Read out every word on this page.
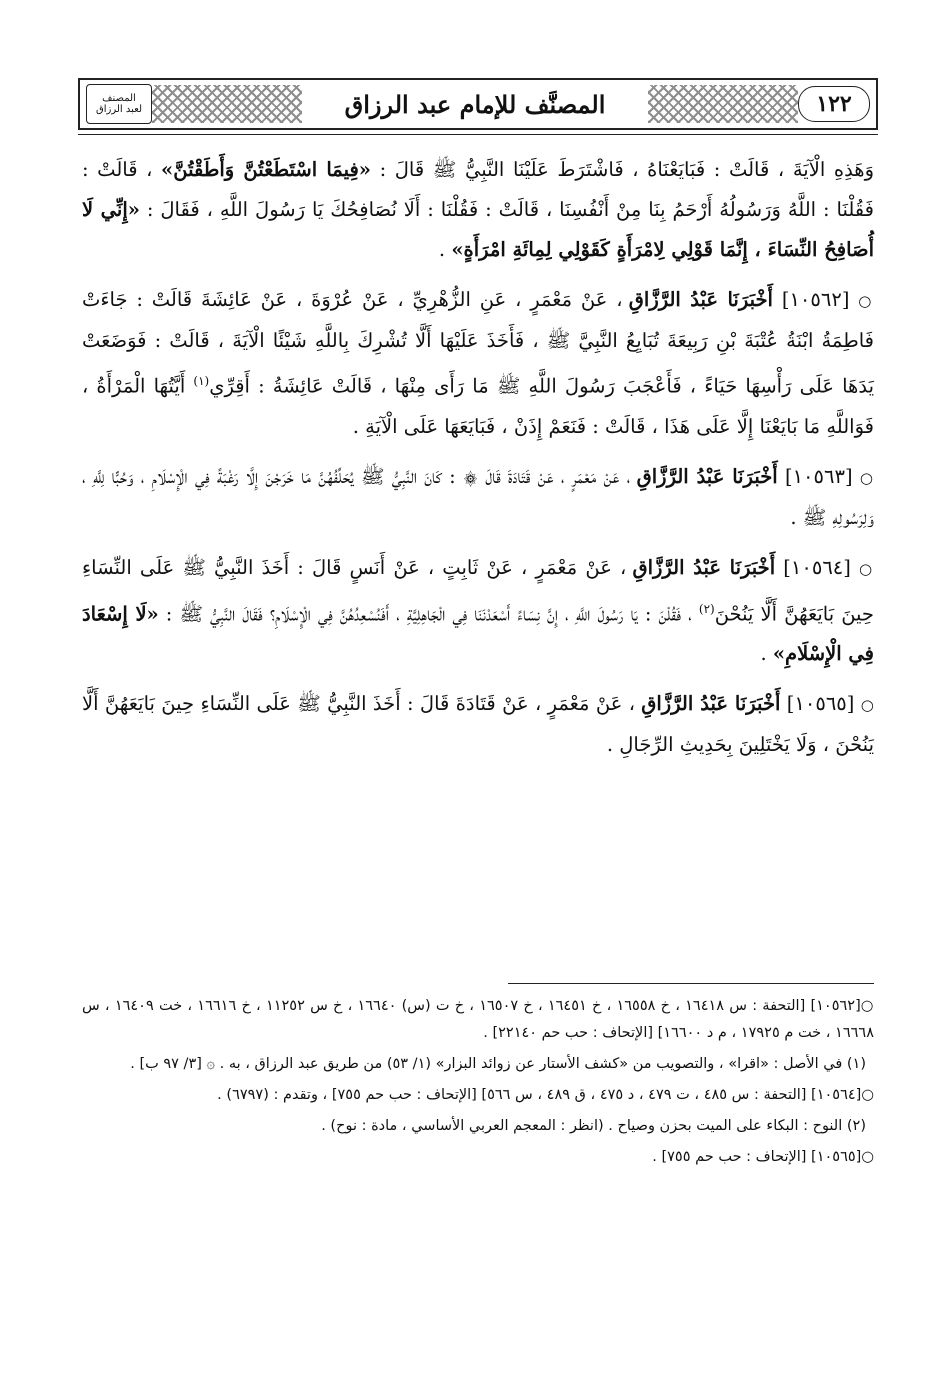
١٢٢
المصنَّف للإمام عبد الرزاق
المصنف
لعبد الرزاق

وَهَذِهِ الْآيَةَ ، قَالَتْ : فَبَايَعْنَاهُ ، فَاشْتَرَطَ عَلَيْنَا النَّبِيُّ ﷺ قَالَ : «فِيمَا اسْتَطَعْتُنَّ وَأَطَقْتُنَّ» ، قَالَتْ : فَقُلْنَا : اللَّهُ وَرَسُولُهُ أَرْحَمُ بِنَا مِنْ أَنْفُسِنَا ، قَالَتْ : فَقُلْنَا : أَلَا نُصَافِحُكَ يَا رَسُولَ اللَّهِ ، فَقَالَ : «إِنِّي لَا أُصَافِحُ النِّسَاءَ ، إِنَّمَا قَوْلِي لِامْرَأَةٍ كَقَوْلِي لِمِائَةِ امْرَأَةٍ» .

○ [١٠٥٦٢] أَخْبَرَنَا عَبْدُ الرَّزَّاقِ ، عَنْ مَعْمَرٍ ، عَنِ الزُّهْرِيِّ ، عَنْ عُرْوَةَ ، عَنْ عَائِشَةَ قَالَتْ : جَاءَتْ فَاطِمَةُ ابْنَةُ عُتْبَةَ بْنِ رَبِيعَةَ تُبَايِعُ النَّبِيَّ ﷺ ، فَأَخَذَ عَلَيْهَا أَلَّا تُشْرِكَ بِاللَّهِ شَيْئًا الْآيَةَ ، قَالَتْ : فَوَضَعَتْ يَدَهَا عَلَى رَأْسِهَا حَيَاءً ، فَأَعْجَبَ رَسُولَ اللَّهِ ﷺ مَا رَأَى مِنْهَا ، قَالَتْ عَائِشَةُ : أَقِرِّي$^{(١)}$ أَيَّتُهَا الْمَرْأَةُ ، فَوَاللَّهِ مَا بَايَعْنَا إِلَّا عَلَى هَذَا ، قَالَتْ : فَنَعَمْ إِذَنْ ، فَبَايَعَهَا عَلَى الْآيَةِ .

○ [١٠٥٦٣] أَخْبَرَنَا عَبْدُ الرَّزَّاقِ ، عَنْ مَعْمَرٍ ، عَنْ قَتَادَةَ قَالَ ۞ : كَانَ النَّبِيُّ ﷺ يُحَلِّفُهُنَّ مَا خَرَجْنَ إِلَّا رَغْبَةً فِي الْإِسْلَامِ ، وَحُبًّا لِلَّهِ ، وَلِرَسُولِهِ ﷺ .

○ [١٠٥٦٤] أَخْبَرَنَا عَبْدُ الرَّزَّاقِ ، عَنْ مَعْمَرٍ ، عَنْ ثَابِتٍ ، عَنْ أَنَسٍ قَالَ : أَخَذَ النَّبِيُّ ﷺ عَلَى النِّسَاءِ حِينَ بَايَعَهُنَّ أَلَّا يَنُحْنَ$^{(٢)}$ ، فَقُلْنَ : يَا رَسُولَ اللَّهِ ، إِنَّ نِسَاءً أَسْعَدْنَنَا فِي الْجَاهِلِيَّةِ ، أَفَنُسْعِدُهُنَّ فِي الْإِسْلَامِ؟ فَقَالَ النَّبِيُّ ﷺ : «لَا إِسْعَادَ فِي الْإِسْلَامِ» .

○ [١٠٥٦٥] أَخْبَرَنَا عَبْدُ الرَّزَّاقِ ، عَنْ مَعْمَرٍ ، عَنْ قَتَادَةَ قَالَ : أَخَذَ النَّبِيُّ ﷺ عَلَى النِّسَاءِ حِينَ بَايَعَهُنَّ أَلَّا يَنُحْنَ ، وَلَا يَخْتَلِينَ بِحَدِيثِ الرِّجَالِ .

○[١٠٥٦٢] [التحفة : س ١٦٤١٨ ، خ ١٦٥٥٨ ، خ ١٦٤٥١ ، خ ١٦٥٠٧ ، خ ت (س) ١٦٦٤٠ ، خ س ١١٢٥٢ ، خ ١٦٦١٦ ، خت ١٦٤٠٩ ، س ١٦٦٦٨ ، خت م ١٧٩٢٥ ، م د ١٦٦٠٠] [الإتحاف : حب حم ٢٢١٤٠] .

(١) في الأصل : «اقرا» ، والتصويب من «كشف الأستار عن زوائد البزار» (١/ ٥٣) من طريق عبد الرزاق ، به . ۞ [٣/ ٩٧ ب] .

○[١٠٥٦٤] [التحفة : س ٤٨٥ ، ت ٤٧٩ ، د ٤٧٥ ، ق ٤٨٩ ، س ٥٦٦] [الإتحاف : حب حم ٧٥٥] ، وتقدم : (٦٧٩٧) .

(٢) النوح : البكاء على الميت بحزن وصياح . (انظر : المعجم العربي الأساسي ، مادة : نوح) .

○[١٠٥٦٥] [الإتحاف : حب حم ٧٥٥] .
